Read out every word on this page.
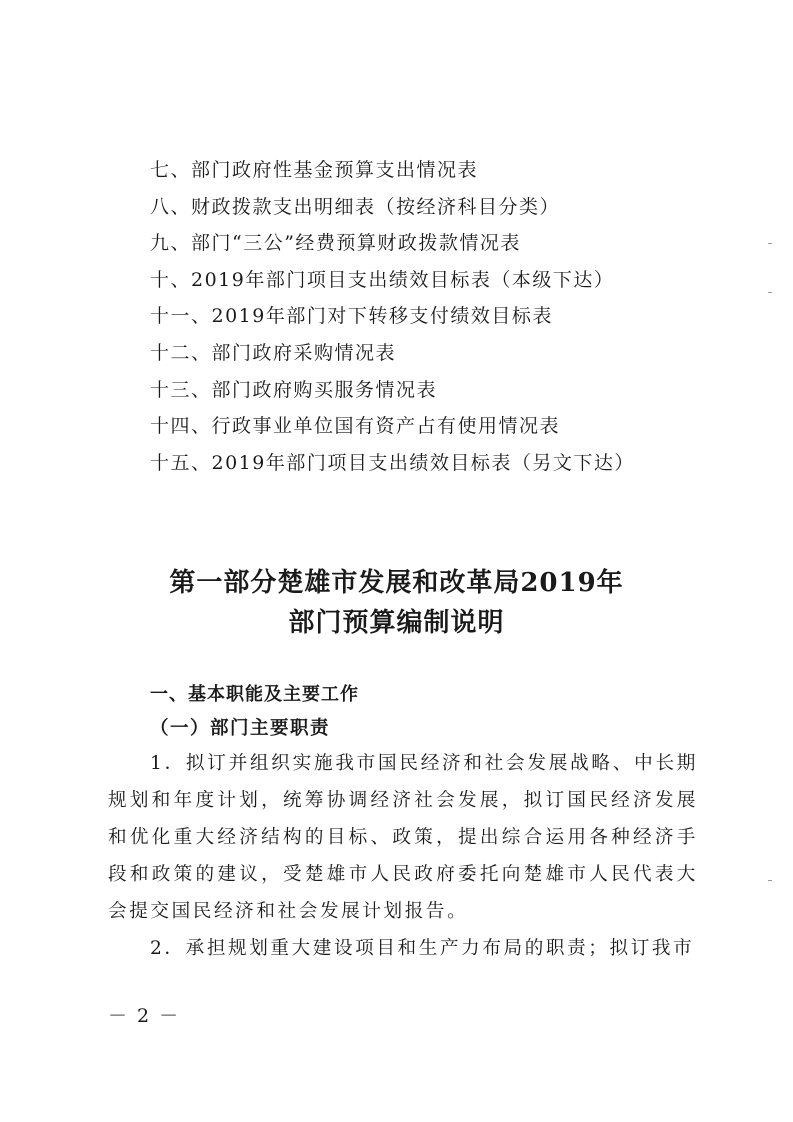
七、部门政府性基金预算支出情况表
八、财政拨款支出明细表（按经济科目分类）
九、部门“三公”经费预算财政拨款情况表
十、2019年部门项目支出绩效目标表（本级下达）
十一、2019年部门对下转移支付绩效目标表
十二、部门政府采购情况表
十三、部门政府购买服务情况表
十四、行政事业单位国有资产占有使用情况表
十五、2019年部门项目支出绩效目标表（另文下达）
第一部分楚雄市发展和改革局2019年
部门预算编制说明
一、基本职能及主要工作
（一）部门主要职责

1．拟订并组织实施我市国民经济和社会发展战略、中长期规划和年度计划，统筹协调经济社会发展，拟订国民经济发展和优化重大经济结构的目标、政策，提出综合运用各种经济手段和政策的建议，受楚雄市人民政府委托向楚雄市人民代表大会提交国民经济和社会发展计划报告。

2．承担规划重大建设项目和生产力布局的职责；拟订我市

－ 2 －
